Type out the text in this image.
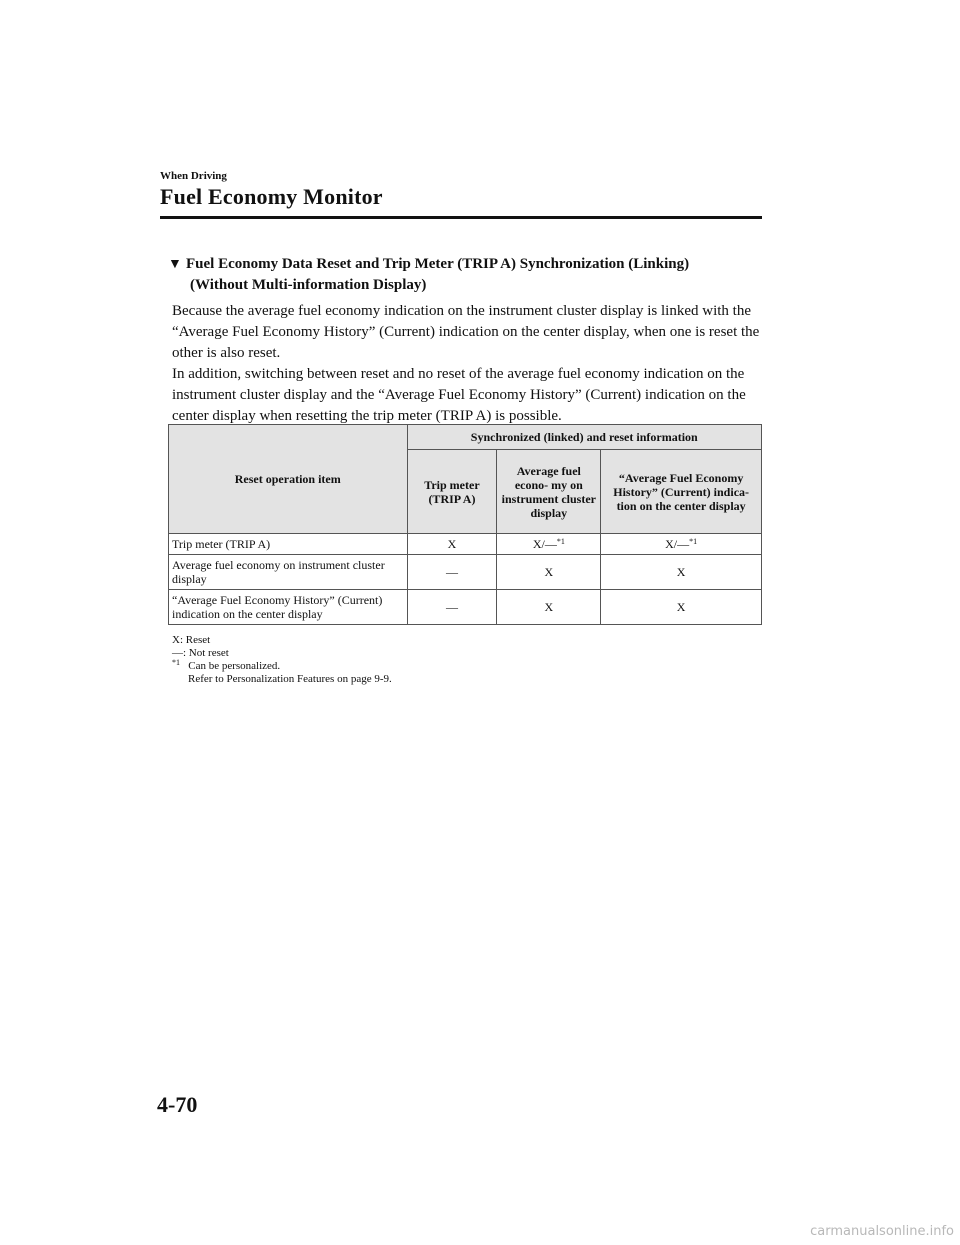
When Driving
Fuel Economy Monitor
▼ Fuel Economy Data Reset and Trip Meter (TRIP A) Synchronization (Linking)
(Without Multi-information Display)

Because the average fuel economy indication on the instrument cluster display is linked with the “Average Fuel Economy History” (Current) indication on the center display, when one is reset the other is also reset.

In addition, switching between reset and no reset of the average fuel economy indication on the instrument cluster display and the “Average Fuel Economy History” (Current) indication on the center display when resetting the trip meter (TRIP A) is possible.

Reset operation item	Synchronized (linked) and reset information		
	Trip meter (TRIP A)	Average fuel econo- my on instrument cluster display	“Average Fuel Economy History” (Current) indica- tion on the center display
Trip meter (TRIP A)	X	X/—$^{*1}$	X/—$^{*1}$
Average fuel economy on instrument cluster display	—	X	X
“Average Fuel Economy History” (Current) indication on the center display	—	X	X
X: Reset
—: Not reset
$^{*1}$ Can be personalized.
Refer to Personalization Features on page 9-9.
4-70
carmanualsonline.info
